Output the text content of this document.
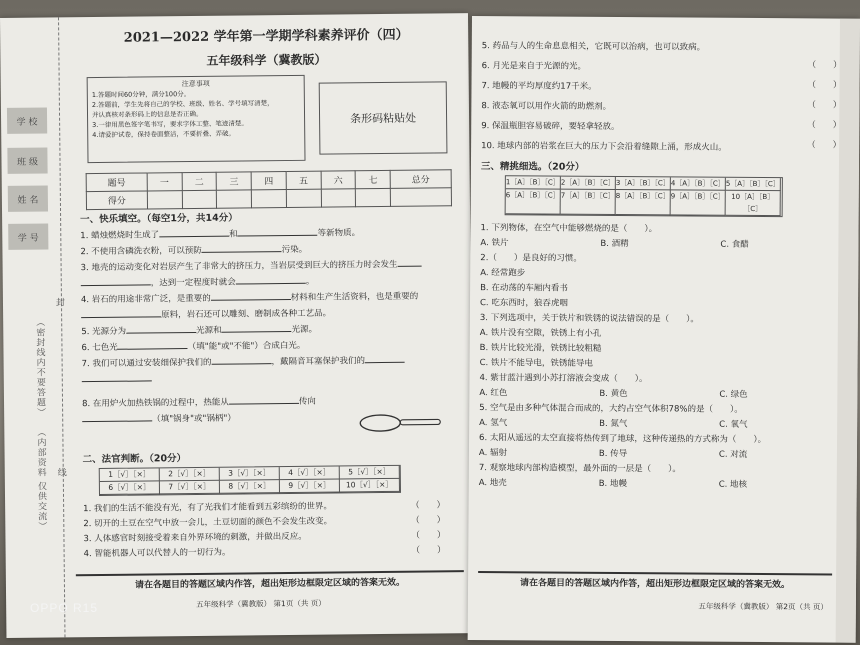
学 校
班 级
姓 名
学 号
（密封线内不要答题）
（内部资料 仅供交流）
封
线
2021—2022 学年第一学期学科素养评价（四）
五年级科学（冀教版）
注意事项
1.答题时间60分钟，满分100分。
2.答题前，学生先将自己的学校、班级、姓名、学号填写清楚，
并认真核对条形码上的信息是否正确。
3.一律用黑色签字笔书写，要求字体工整、笔迹清楚。
4.请爱护试卷，保持卷面整洁，不要折叠、弄破。
条形码粘贴处
题号	一	二	三	四	五	六	七	总分
得分								
一、快乐填空。（每空1分，共14分）
1. 蜡烛燃烧时生成了	和	等新物质。
2. 不使用含磷洗衣粉，可以预防	污染。
3. 地壳的运动变化对岩层产生了非常大的挤压力，当岩层受到巨大的挤压力时会发生
，达到一定程度时就会	。
4. 岩石的用途非常广泛，是重要的	材料和生产生活资料，也是重要的
原料，岩石还可以雕刻、磨制成各种工艺品。
5. 光源分为	光源和	光源。
6. 七色光	（填"能"或"不能"）合成白光。
7. 我们可以通过安装细保护我们的	，戴隔音耳塞保护我们的
8. 在用炉火加热铁锅的过程中，热能从	传向
（填"锅身"或"锅柄"）
二、法官判断。（20分）
1［√］［×］	2［√］［×］	3［√］［×］	4［√］［×］	5［√］［×］
6［√］［×］	7［√］［×］	8［√］［×］	9［√］［×］	10［√］［×］
1. 我们的生活不能没有光，有了光我们才能看到五彩缤纷的世界。
2. 切开的土豆在空气中放一会儿，土豆切面的颜色不会发生改变。
3. 人体感官时刻接受着来自外界环境的刺激，并做出反应。
4. 智能机器人可以代替人的一切行为。
（　　）
（　　）
（　　）
（　　）
请在各题目的答题区域内作答，超出矩形边框限定区域的答案无效。
五年级科学（冀教版） 第1页（共 页）
5. 药品与人的生命息息相关，它既可以治病，也可以致病。
6. 月光是来自于光源的光。
7. 地幔的平均厚度约17千米。
8. 液态氧可以用作火箭的助燃剂。
9. 保温瓶胆容易破碎，要轻拿轻放。
10. 地球内部的岩浆在巨大的压力下会沿着缝隙上涌，形成火山。
（　　）
（　　）
（　　）
（　　）
（　　）
三、精挑细选。（20分）
1［A］［B］［C］ 2［A］［B］［C］ 3［A］［B］［C］ 4［A］［B］［C］ 5［A］［B］［C］
6［A］［B］［C］ 7［A］［B］［C］ 8［A］［B］［C］ 9［A］［B］［C］ 10［A］［B］［C］
1. 下列物体，在空气中能够燃烧的是（　　）。
A. 铁片	B. 酒精	C. 食醋
2.（　　）是良好的习惯。
A. 经常跑步
B. 在动荡的车厢内看书
C. 吃东西时，狼吞虎咽
3. 下列选项中，关于铁片和铁锈的说法错误的是（　　）。
A. 铁片没有空隙，铁锈上有小孔
B. 铁片比较光滑，铁锈比较粗糙
C. 铁片不能导电，铁锈能导电
4. 紫甘蓝汁遇到小苏打溶液会变成（　　）。
A. 红色	B. 黄色	C. 绿色
5. 空气是由多种气体混合而成的，大约占空气体积78%的是（　　）。
A. 氢气	B. 氮气	C. 氧气
6. 太阳从遥远的太空直接将热传到了地球，这种传递热的方式称为（　　）。
A. 辐射	B. 传导	C. 对流
7. 观察地球内部构造模型，最外面的一层是（　　）。
A. 地壳	B. 地幔	C. 地核
请在各题目的答题区域内作答，超出矩形边框限定区域的答案无效。
五年级科学（冀教版） 第2页（共 页）
OPPO R15
